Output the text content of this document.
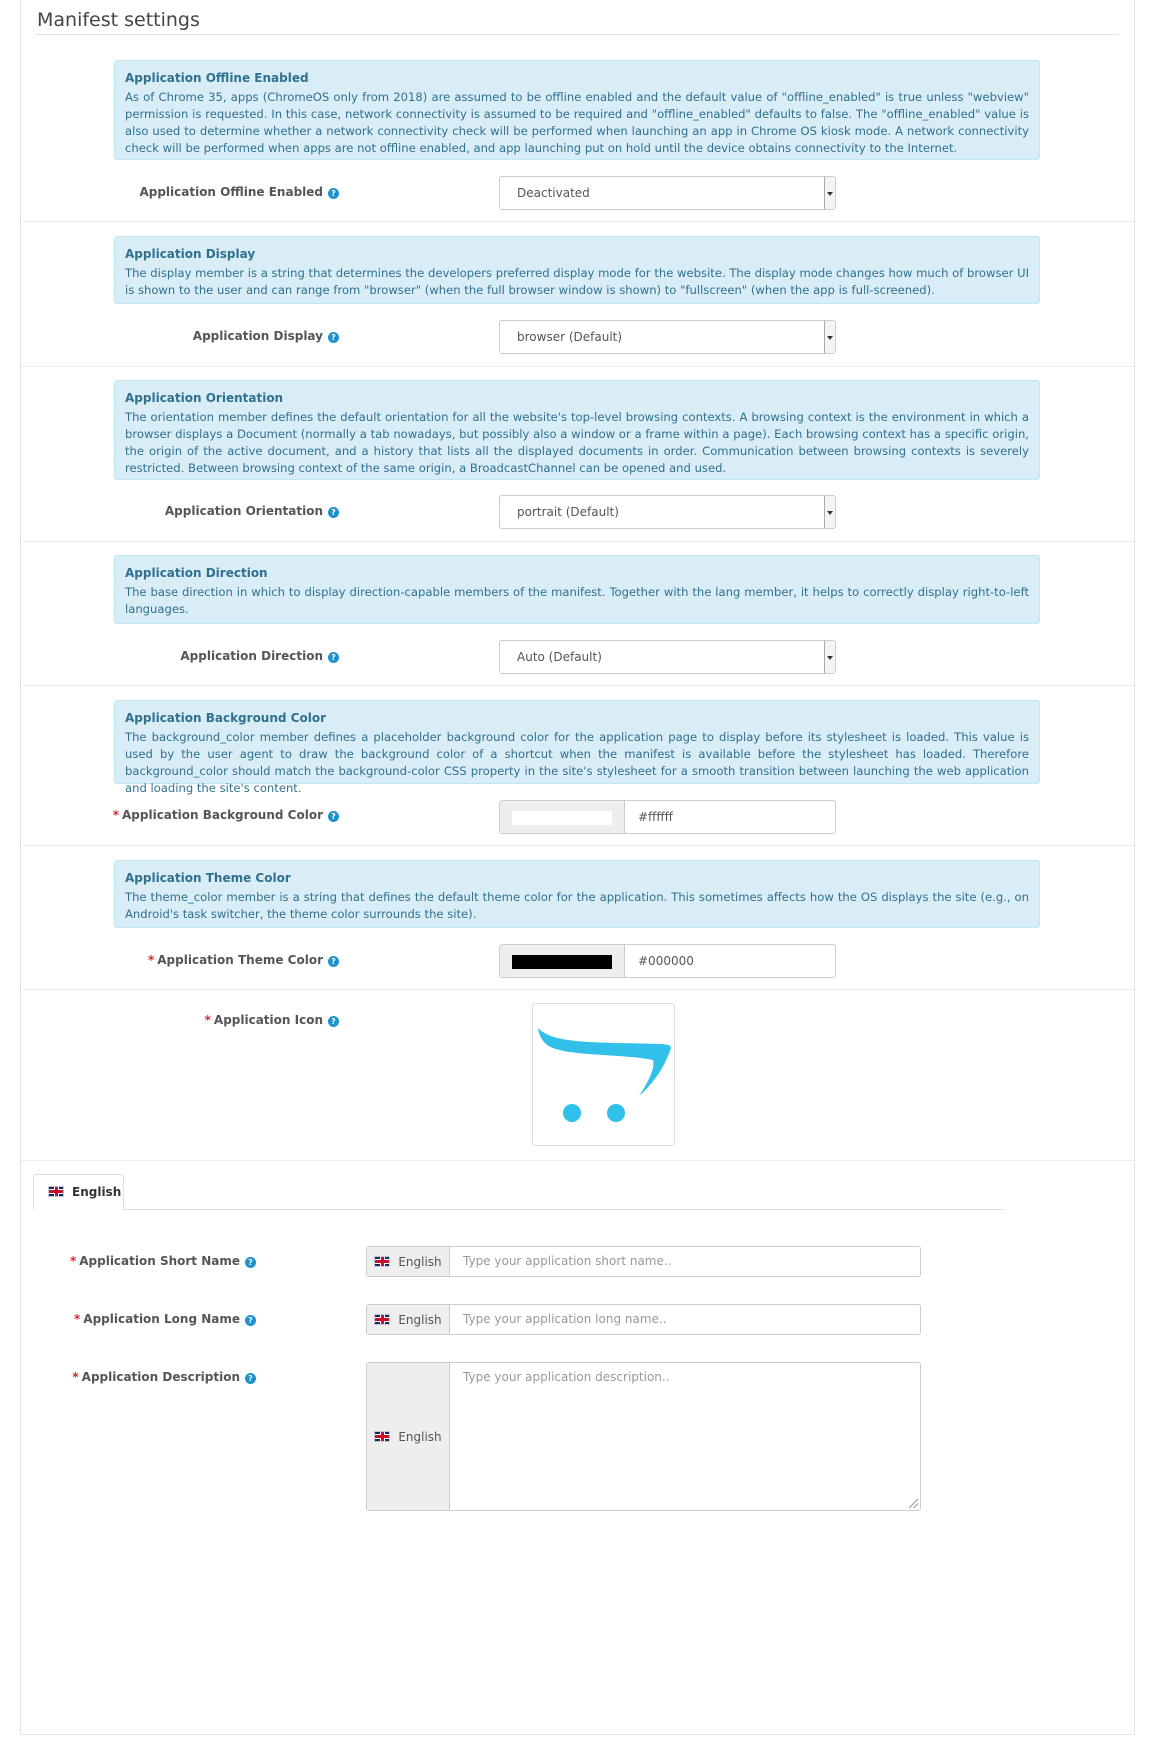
Manifest settings
Application Offline Enabled
As of Chrome 35, apps (ChromeOS only from 2018) are assumed to be offline enabled and the default value of "offline_enabled" is true unless "webview" permission is requested. In this case, network connectivity is assumed to be required and "offline_enabled" defaults to false. The "offline_enabled" value is also used to determine whether a network connectivity check will be performed when launching an app in Chrome OS kiosk mode. A network connectivity check will be performed when apps are not offline enabled, and app launching put on hold until the device obtains connectivity to the Internet.
Application Offline Enabled ?	Deactivated
Application Display
The display member is a string that determines the developers preferred display mode for the website. The display mode changes how much of browser UI is shown to the user and can range from "browser" (when the full browser window is shown) to "fullscreen" (when the app is full-screened).
Application Display ?	browser (Default)
Application Orientation
The orientation member defines the default orientation for all the website's top-level browsing contexts. A browsing context is the environment in which a browser displays a Document (normally a tab nowadays, but possibly also a window or a frame within a page). Each browsing context has a specific origin, the origin of the active document, and a history that lists all the displayed documents in order. Communication between browsing contexts is severely restricted. Between browsing context of the same origin, a BroadcastChannel can be opened and used.
Application Orientation ?	portrait (Default)
Application Direction
The base direction in which to display direction-capable members of the manifest. Together with the lang member, it helps to correctly display right-to-left languages.
Application Direction ?	Auto (Default)
Application Background Color
The background_color member defines a placeholder background color for the application page to display before its stylesheet is loaded. This value is used by the user agent to draw the background color of a shortcut when the manifest is available before the stylesheet has loaded. Therefore background_color should match the background-color CSS property in the site's stylesheet for a smooth transition between launching the web application and loading the site's content.
* Application Background Color ?	#ffffff
Application Theme Color
The theme_color member is a string that defines the default theme color for the application. This sometimes affects how the OS displays the site (e.g., on Android's task switcher, the theme color surrounds the site).
* Application Theme Color ?	#000000
* Application Icon ?
English
* Application Short Name ?	English	Type your application short name..
* Application Long Name ?	English	Type your application long name..
* Application Description ?
English
Type your application description..
